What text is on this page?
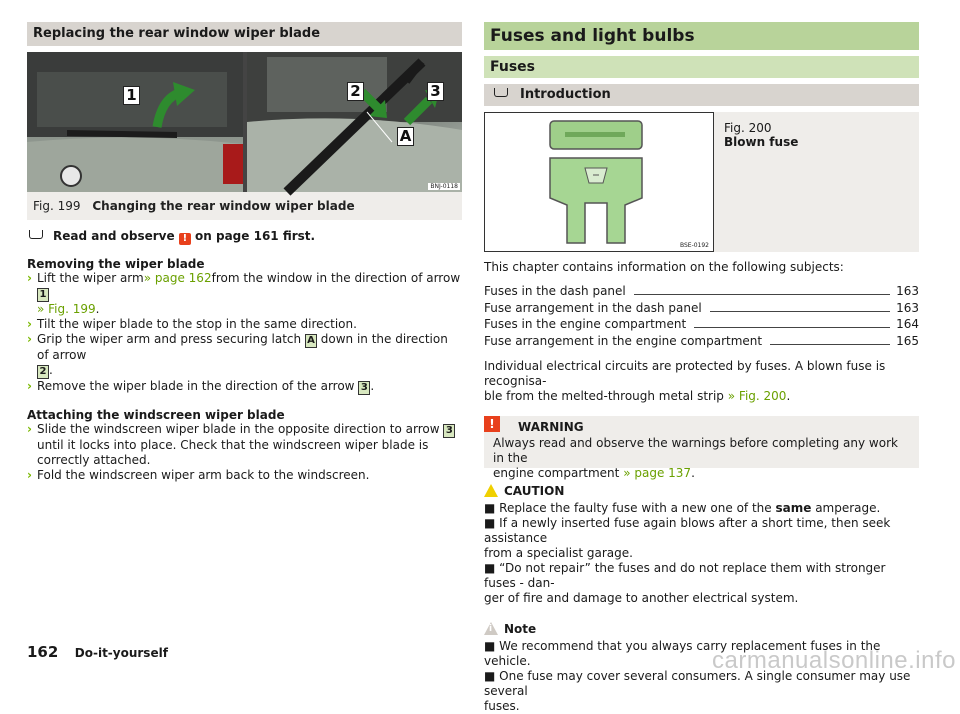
Replacing the rear window wiper blade
1	2	3
A
BNJ-0118
Fig. 199 Changing the rear window wiper blade
Read and observe ! on page 161 first.
Removing the wiper blade
› Lift the wiper arm» page 162from the window in the direction of arrow 1
» Fig. 199.
› Tilt the wiper blade to the stop in the same direction.
› Grip the wiper arm and press securing latch A down in the direction of arrow
2 .
› Remove the wiper blade in the direction of the arrow 3 .
Attaching the windscreen wiper blade
› Slide the windscreen wiper blade in the opposite direction to arrow 3 until it locks into place. Check that the windscreen wiper blade is correctly attached.
› Fold the windscreen wiper arm back to the windscreen.
Fuses and light bulbs
Fuses
Introduction
BSE-0192
Fig. 200
Blown fuse
This chapter contains information on the following subjects:
Fuses in the dash panel	163
Fuse arrangement in the dash panel	163
Fuses in the engine compartment	164
Fuse arrangement in the engine compartment	165
Individual electrical circuits are protected by fuses. A blown fuse is recognisa-
ble from the melted-through metal strip » Fig. 200.
!	WARNING
Always read and observe the warnings before completing any work in the
engine compartment » page 137.
CAUTION
■ Replace the faulty fuse with a new one of the same amperage.
■ If a newly inserted fuse again blows after a short time, then seek assistance
from a specialist garage.
■ “Do not repair” the fuses and do not replace them with stronger fuses - dan-
ger of fire and damage to another electrical system.
i Note
■ We recommend that you always carry replacement fuses in the vehicle.
■ One fuse may cover several consumers. A single consumer may use several
fuses.
162 Do-it-yourself	carmanualsonline.info
